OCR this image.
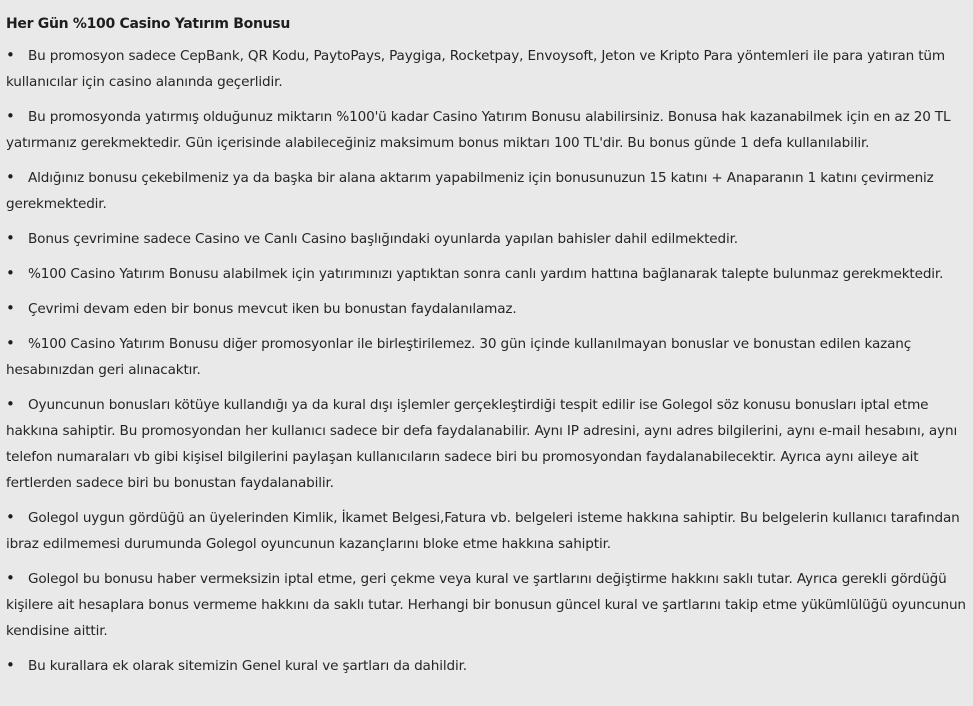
Her Gün %100 Casino Yatırım Bonusu
• Bu promosyon sadece CepBank, QR Kodu, PaytoPays, Paygiga, Rocketpay, Envoysoft, Jeton ve Kripto Para yöntemleri ile para yatıran tüm kullanıcılar için casino alanında geçerlidir.
• Bu promosyonda yatırmış olduğunuz miktarın %100'ü kadar Casino Yatırım Bonusu alabilirsiniz. Bonusa hak kazanabilmek için en az 20 TL yatırmanız gerekmektedir. Gün içerisinde alabileceğiniz maksimum bonus miktarı 100 TL'dir. Bu bonus günde 1 defa kullanılabilir.
• Aldığınız bonusu çekebilmeniz ya da başka bir alana aktarım yapabilmeniz için bonusunuzun 15 katını + Anaparanın 1 katını çevirmeniz gerekmektedir.
• Bonus çevrimine sadece Casino ve Canlı Casino başlığındaki oyunlarda yapılan bahisler dahil edilmektedir.
• %100 Casino Yatırım Bonusu alabilmek için yatırımınızı yaptıktan sonra canlı yardım hattına bağlanarak talepte bulunmaz gerekmektedir.
• Çevrimi devam eden bir bonus mevcut iken bu bonustan faydalanılamaz.
• %100 Casino Yatırım Bonusu diğer promosyonlar ile birleştirilemez. 30 gün içinde kullanılmayan bonuslar ve bonustan edilen kazanç hesabınızdan geri alınacaktır.
• Oyuncunun bonusları kötüye kullandığı ya da kural dışı işlemler gerçekleştirdiği tespit edilir ise Golegol söz konusu bonusları iptal etme hakkına sahiptir. Bu promosyondan her kullanıcı sadece bir defa faydalanabilir. Aynı IP adresini, aynı adres bilgilerini, aynı e-mail hesabını, aynı telefon numaraları vb gibi kişisel bilgilerini paylaşan kullanıcıların sadece biri bu promosyondan faydalanabilecektir. Ayrıca aynı aileye ait fertlerden sadece biri bu bonustan faydalanabilir.
• Golegol uygun gördüğü an üyelerinden Kimlik, İkamet Belgesi,Fatura vb. belgeleri isteme hakkına sahiptir. Bu belgelerin kullanıcı tarafından ibraz edilmemesi durumunda Golegol oyuncunun kazançlarını bloke etme hakkına sahiptir.
• Golegol bu bonusu haber vermeksizin iptal etme, geri çekme veya kural ve şartlarını değiştirme hakkını saklı tutar. Ayrıca gerekli gördüğü kişilere ait hesaplara bonus vermeme hakkını da saklı tutar. Herhangi bir bonusun güncel kural ve şartlarını takip etme yükümlülüğü oyuncunun kendisine aittir.
• Bu kurallara ek olarak sitemizin Genel kural ve şartları da dahildir.
